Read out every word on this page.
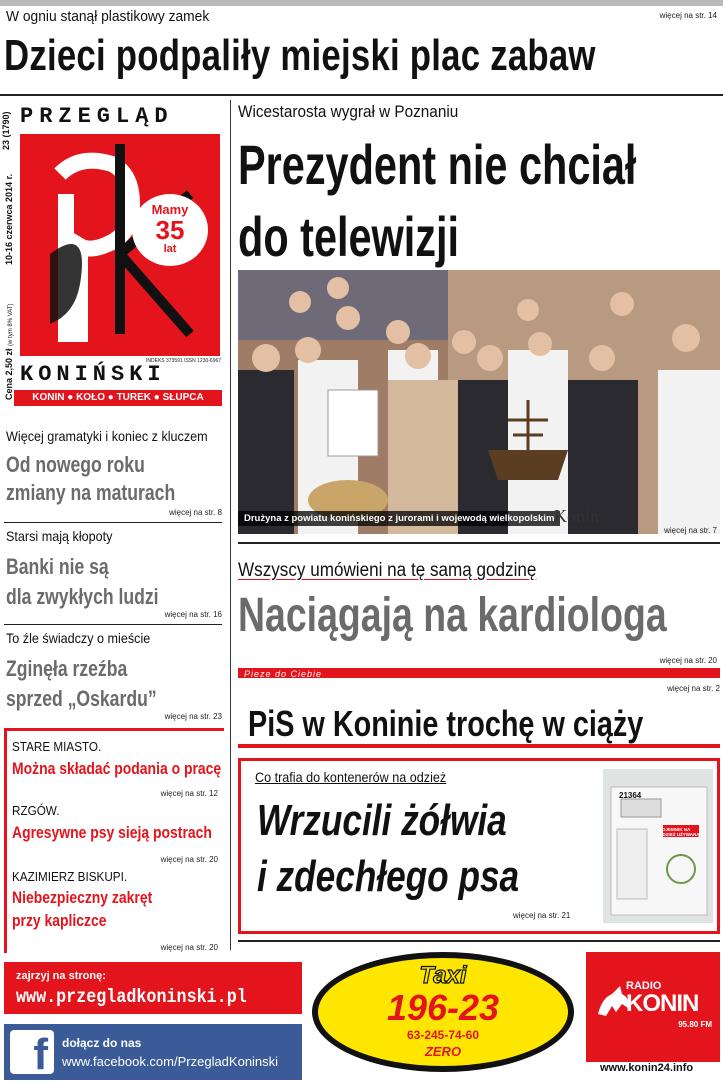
W ogniu stanął plastikowy zamek	więcej na str. 14
Dzieci podpaliły miejski plac zabaw
23 (1790)
10-16 czerwca 2014 r.
Cena 2,50 zł (w tym 8% VAT)
PRZEGLĄD
Mamy
35
lat
INDEKS 373591 ISSN 1230-6967
KONIŃSKI
KONIN ● KOŁO ● TUREK ● SŁUPCA
Więcej gramatyki i koniec z kluczem
Od nowego roku
zmiany na maturach
więcej na str. 8
Starsi mają kłopoty
Banki nie są
dla zwykłych ludzi
więcej na str. 16
To źle świadczy o mieście
Zginęła rzeźba
sprzed „Oskardu”
więcej na str. 23
STARE MIASTO.
Można składać podania o pracę
więcej na str. 12
RZGÓW.
Agresywne psy sieją postrach
więcej na str. 20
KAZIMIERZ BISKUPI.
Niebezpieczny zakręt
przy kapliczce
więcej na str. 20
Wicestarosta wygrał w Poznaniu
Prezydent nie chciał
do telewizji
Drużyna z powiatu konińskiego z jurorami i wojewodą wielkopolskim Konin
więcej na str. 7
Wszyscy umówieni na tę samą godzinę
Naciągają na kardiologa
więcej na str. 20
Pieze do Ciebie
więcej na str. 2
PiS w Koninie trochę w ciąży
Co trafia do kontenerów na odzież
Wrzucili żółwia
i zdechłego psa
więcej na str. 21
21364
POJEMNIK NA ODZIEŻ UŻYWANĄ
zajrzyj na stronę:
www.przegladkoninski.pl
f dołącz do nas
www.facebook.com/PrzegladKoninski
Taxi
196-23
63-245-74-60
ZERO
RADIO
KONIN
95.80 FM
www.konin24.info
